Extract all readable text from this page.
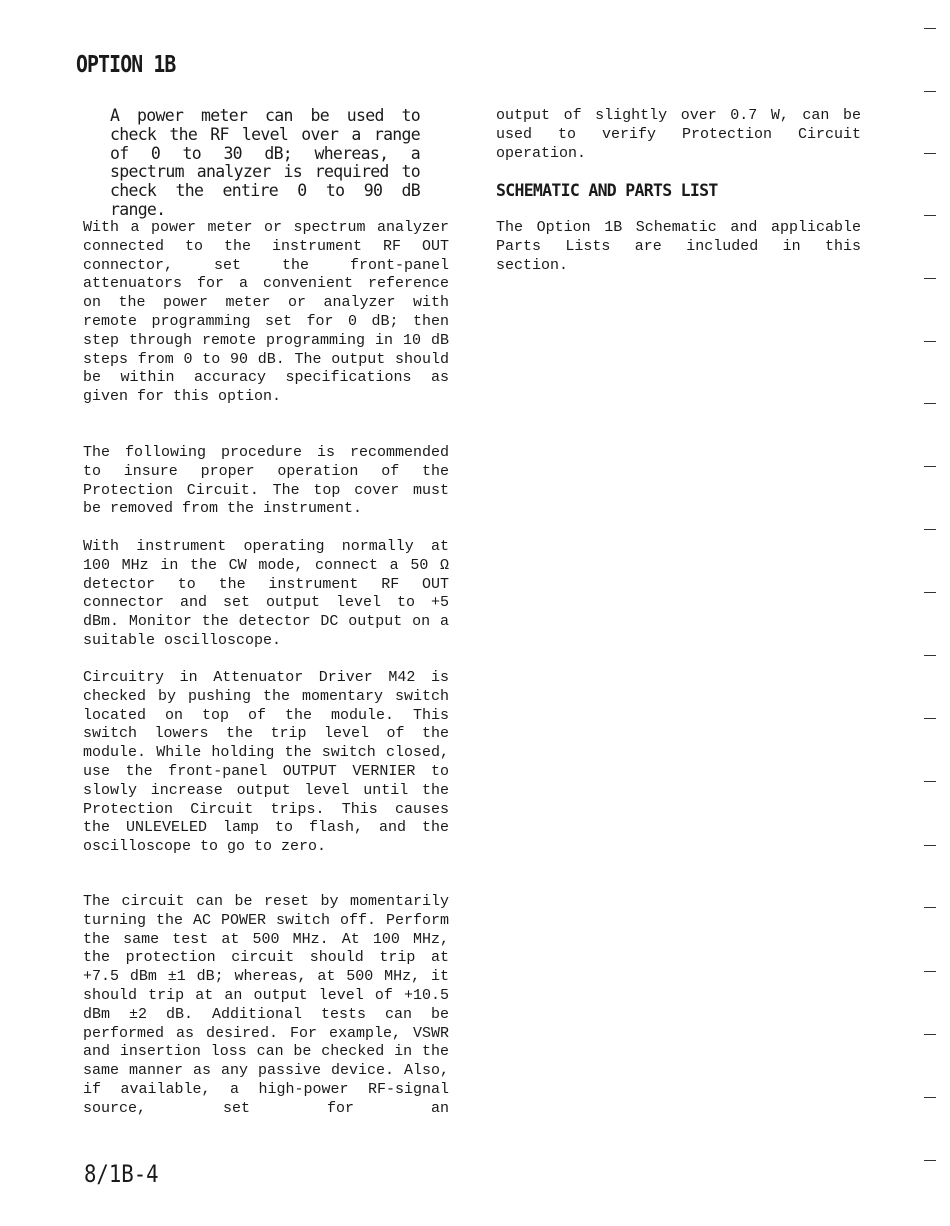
OPTION 1B

A power meter can be used to check the RF level over a range of 0 to 30 dB; whereas, a spectrum analyzer is required to check the entire 0 to 90 dB range.

With a power meter or spectrum analyzer connected to the instrument RF OUT connector, set the front-panel attenuators for a convenient reference on the power meter or analyzer with remote programming set for 0 dB; then step through remote programming in 10 dB steps from 0 to 90 dB. The output should be within accuracy specifications as given for this option.

The following procedure is recommended to insure proper operation of the Protection Circuit. The top cover must be removed from the instrument.

With instrument operating normally at 100 MHz in the CW mode, connect a 50 Ω detector to the instrument RF OUT connector and set output level to +5 dBm. Monitor the detector DC output on a suitable oscilloscope.

Circuitry in Attenuator Driver M42 is checked by pushing the momentary switch located on top of the module. This switch lowers the trip level of the module. While holding the switch closed, use the front-panel OUTPUT VERNIER to slowly increase output level until the Protection Circuit trips. This causes the UNLEVELED lamp to flash, and the oscilloscope to go to zero.

The circuit can be reset by momentarily turning the AC POWER switch off. Perform the same test at 500 MHz. At 100 MHz, the protection circuit should trip at +7.5 dBm ±1 dB; whereas, at 500 MHz, it should trip at an output level of +10.5 dBm ±2 dB. Additional tests can be performed as desired. For example, VSWR and insertion loss can be checked in the same manner as any passive device. Also, if available, a high-power RF-signal source, set for an

output of slightly over 0.7 W, can be used to verify Protection Circuit operation.

SCHEMATIC AND PARTS LIST

The Option 1B Schematic and applicable Parts Lists are included in this section.

8/1B-4
